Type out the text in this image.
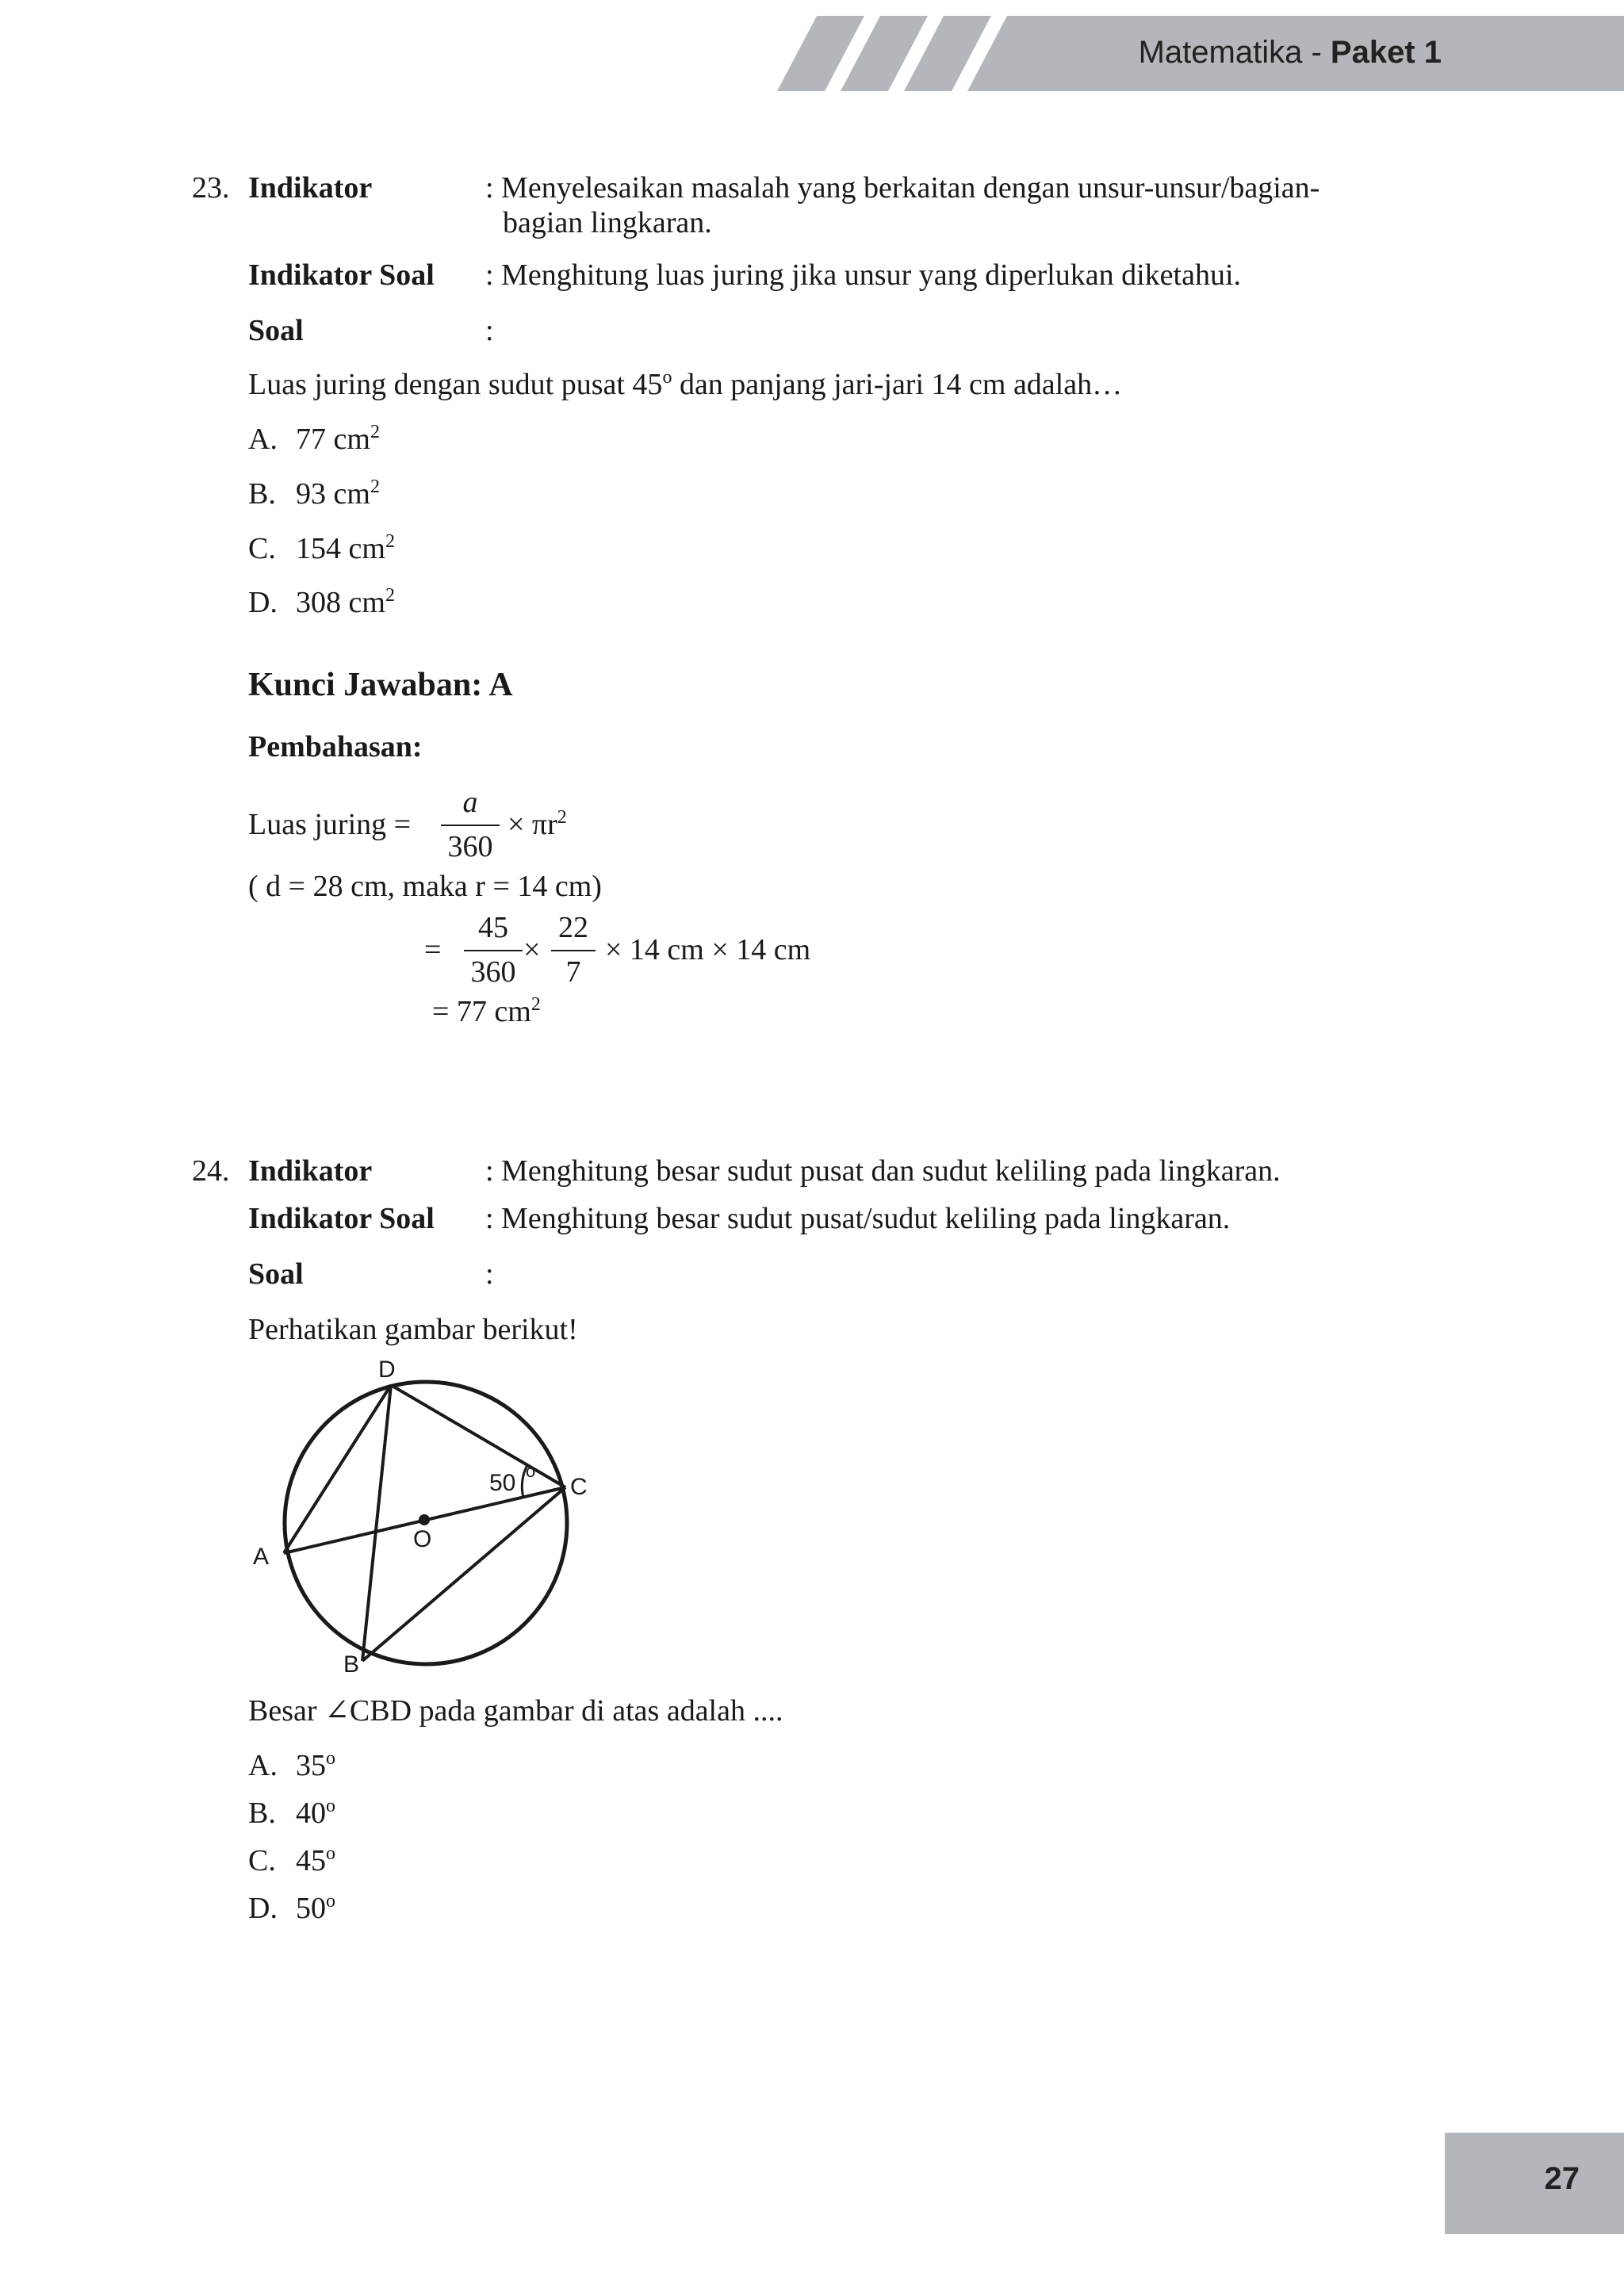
Matematika - Paket 1
23. Indikator	: Menyelesaikan masalah yang berkaitan dengan unsur-unsur/bagian-
bagian lingkaran.
Indikator Soal : Menghitung luas juring jika unsur yang diperlukan diketahui.
Soal	:
Luas juring dengan sudut pusat 45$^o$ dan panjang jari-jari 14 cm adalah…
A. 77 $cm^2$
B. 93 $cm^2$
C. 154 $cm^2$
D. 308 $cm^2$
Kunci Jawaban: A
Pembahasan:
Luas juring = $\frac{a}{360} \times \pi r^2$
( d = 28 cm, maka r = 14 cm)
= $\frac{45}{360} \times \frac{22}{7} \times 14$ cm × 14 cm
= 77 $cm^2$
24. Indikator	: Menghitung besar sudut pusat dan sudut keliling pada lingkaran.
Indikator Soal : Menghitung besar sudut pusat/sudut keliling pada lingkaran.
Soal	:
Perhatikan gambar berikut!
D
C
A
B
O
50 o
Besar ∠CBD pada gambar di atas adalah ....
A. 35$^o$
B. 40$^o$
C. 45$^o$
D. 50$^o$
27
